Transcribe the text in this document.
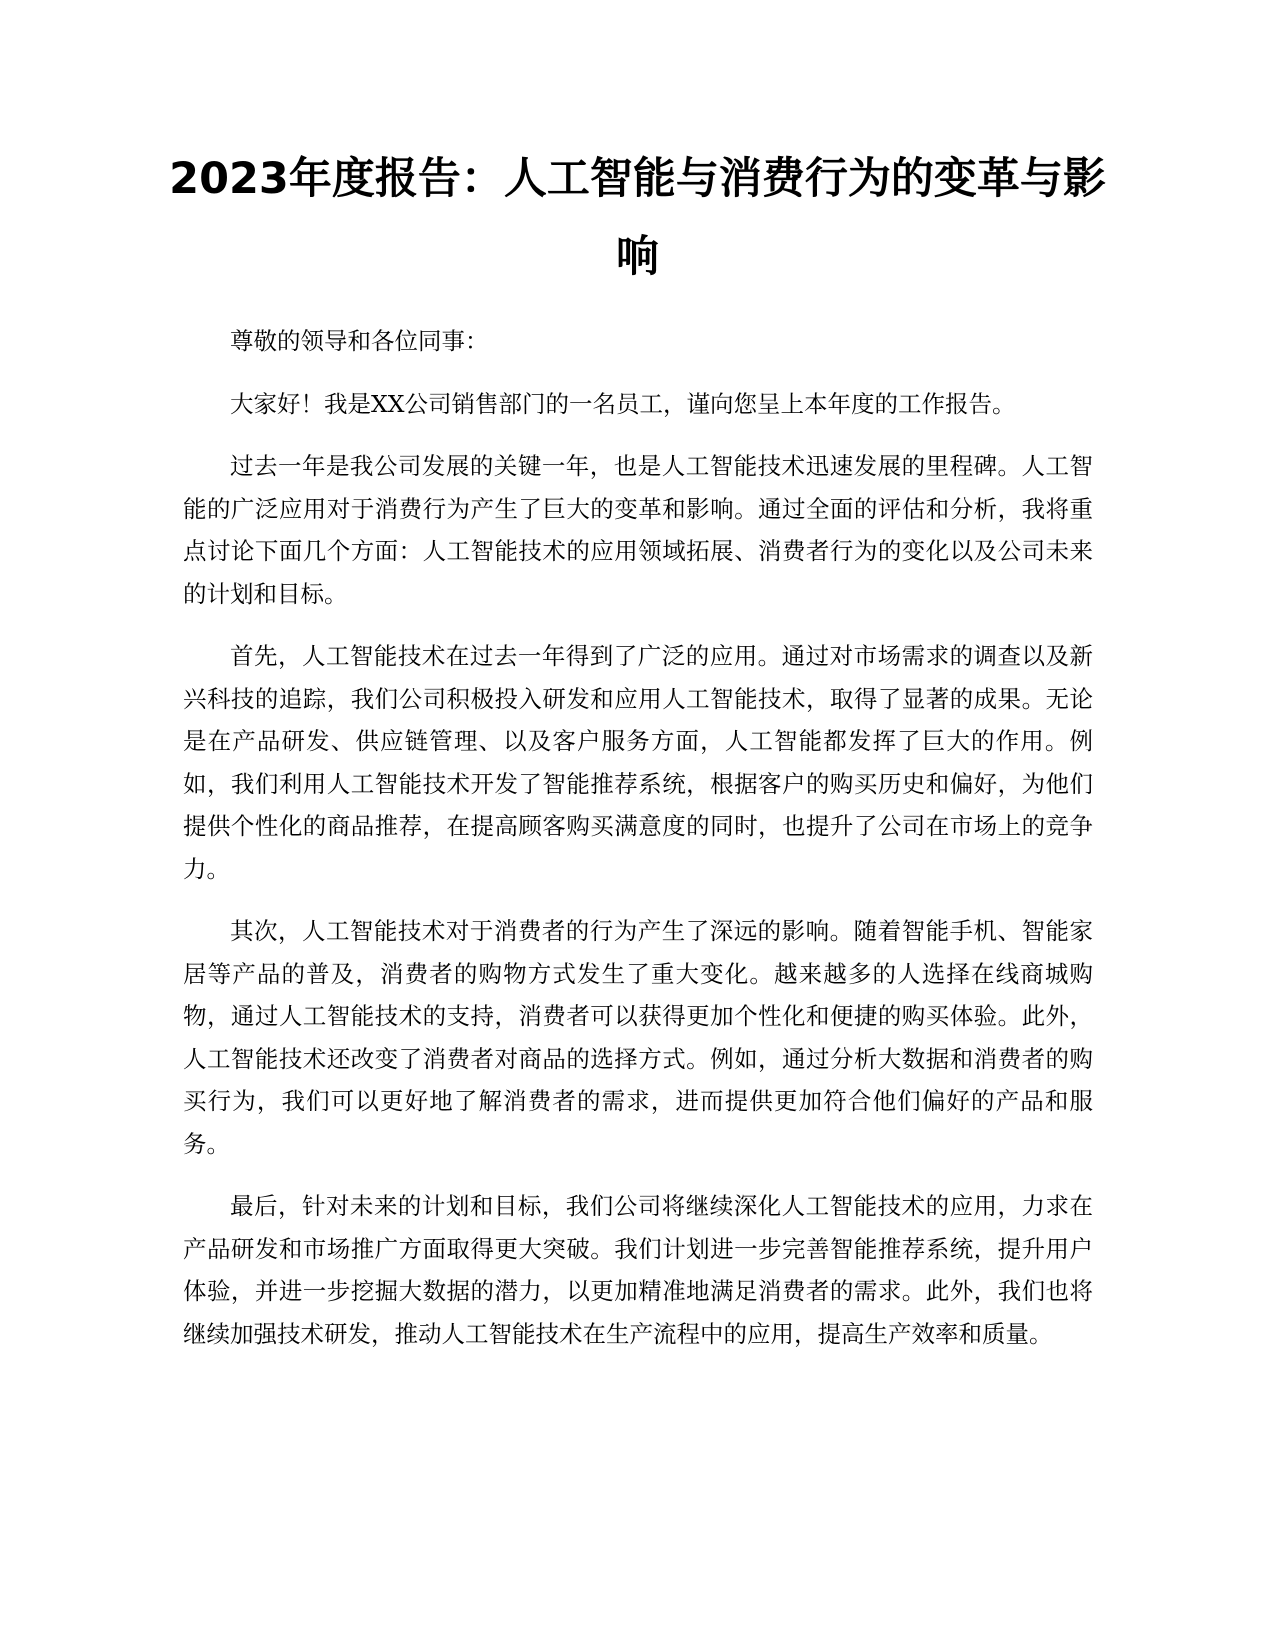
2023年度报告：人工智能与消费行为的变革与影响

尊敬的领导和各位同事：

大家好！我是XX公司销售部门的一名员工，谨向您呈上本年度的工作报告。

过去一年是我公司发展的关键一年，也是人工智能技术迅速发展的里程碑。人工智能的广泛应用对于消费行为产生了巨大的变革和影响。通过全面的评估和分析，我将重点讨论下面几个方面：人工智能技术的应用领域拓展、消费者行为的变化以及公司未来的计划和目标。

首先，人工智能技术在过去一年得到了广泛的应用。通过对市场需求的调查以及新兴科技的追踪，我们公司积极投入研发和应用人工智能技术，取得了显著的成果。无论是在产品研发、供应链管理、以及客户服务方面，人工智能都发挥了巨大的作用。例如，我们利用人工智能技术开发了智能推荐系统，根据客户的购买历史和偏好，为他们提供个性化的商品推荐，在提高顾客购买满意度的同时，也提升了公司在市场上的竞争力。

其次，人工智能技术对于消费者的行为产生了深远的影响。随着智能手机、智能家居等产品的普及，消费者的购物方式发生了重大变化。越来越多的人选择在线商城购物，通过人工智能技术的支持，消费者可以获得更加个性化和便捷的购买体验。此外，人工智能技术还改变了消费者对商品的选择方式。例如，通过分析大数据和消费者的购买行为，我们可以更好地了解消费者的需求，进而提供更加符合他们偏好的产品和服务。

最后，针对未来的计划和目标，我们公司将继续深化人工智能技术的应用，力求在产品研发和市场推广方面取得更大突破。我们计划进一步完善智能推荐系统，提升用户体验，并进一步挖掘大数据的潜力，以更加精准地满足消费者的需求。此外，我们也将继续加强技术研发，推动人工智能技术在生产流程中的应用，提高生产效率和质量。
